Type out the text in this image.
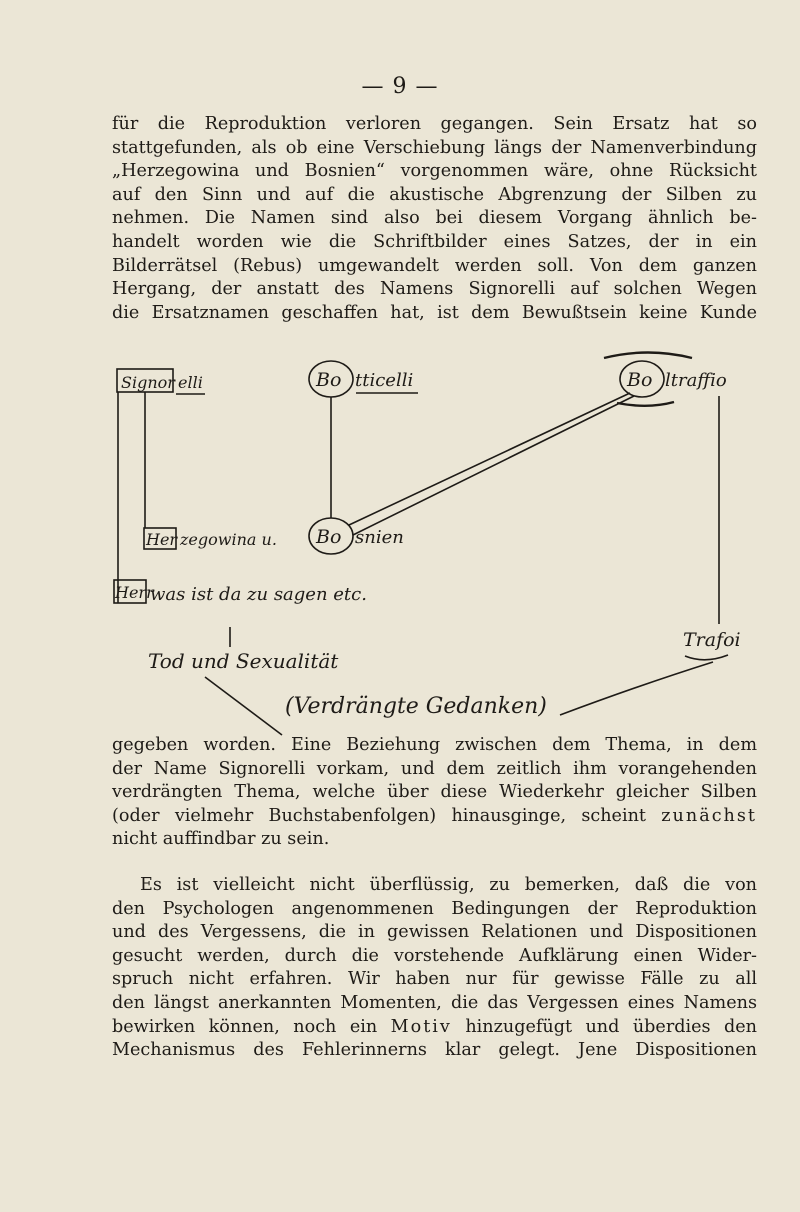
— 9 —

für die Reproduktion verloren gegangen. Sein Ersatz hat so
stattgefunden, als ob eine Verschiebung längs der Namenverbindung
„Herzegowina und Bosnien“ vorgenommen wäre, ohne Rücksicht
auf den Sinn und auf die akustische Abgrenzung der Silben zu
nehmen. Die Namen sind also bei diesem Vorgang ähnlich be-
handelt worden wie die Schriftbilder eines Satzes, der in ein
Bilderrätsel (Rebus) umgewandelt werden soll. Von dem ganzen
Hergang, der anstatt des Namens Signorelli auf solchen Wegen
die Ersatznamen geschaffen hat, ist dem Bewußtsein keine Kunde

Signor elli	Bo tticelli	Bo ltraffio
Her zegowina u. Bo snien
Herr
was ist da zu sagen etc.
Tod und Sexualität
Trafoi
(Verdrängte Gedanken)

gegeben worden. Eine Beziehung zwischen dem Thema, in dem
der Name Signorelli vorkam, und dem zeitlich ihm vorangehenden
verdrängten Thema, welche über diese Wiederkehr gleicher Silben
(oder vielmehr Buchstabenfolgen) hinausginge, scheint zunächst
nicht auffindbar zu sein.

Es ist vielleicht nicht überflüssig, zu bemerken, daß die von
den Psychologen angenommenen Bedingungen der Reproduktion
und des Vergessens, die in gewissen Relationen und Dispositionen
gesucht werden, durch die vorstehende Aufklärung einen Wider-
spruch nicht erfahren. Wir haben nur für gewisse Fälle zu all
den längst anerkannten Momenten, die das Vergessen eines Namens
bewirken können, noch ein Motiv hinzugefügt und überdies den
Mechanismus des Fehlerinnerns klar gelegt. Jene Dispositionen
